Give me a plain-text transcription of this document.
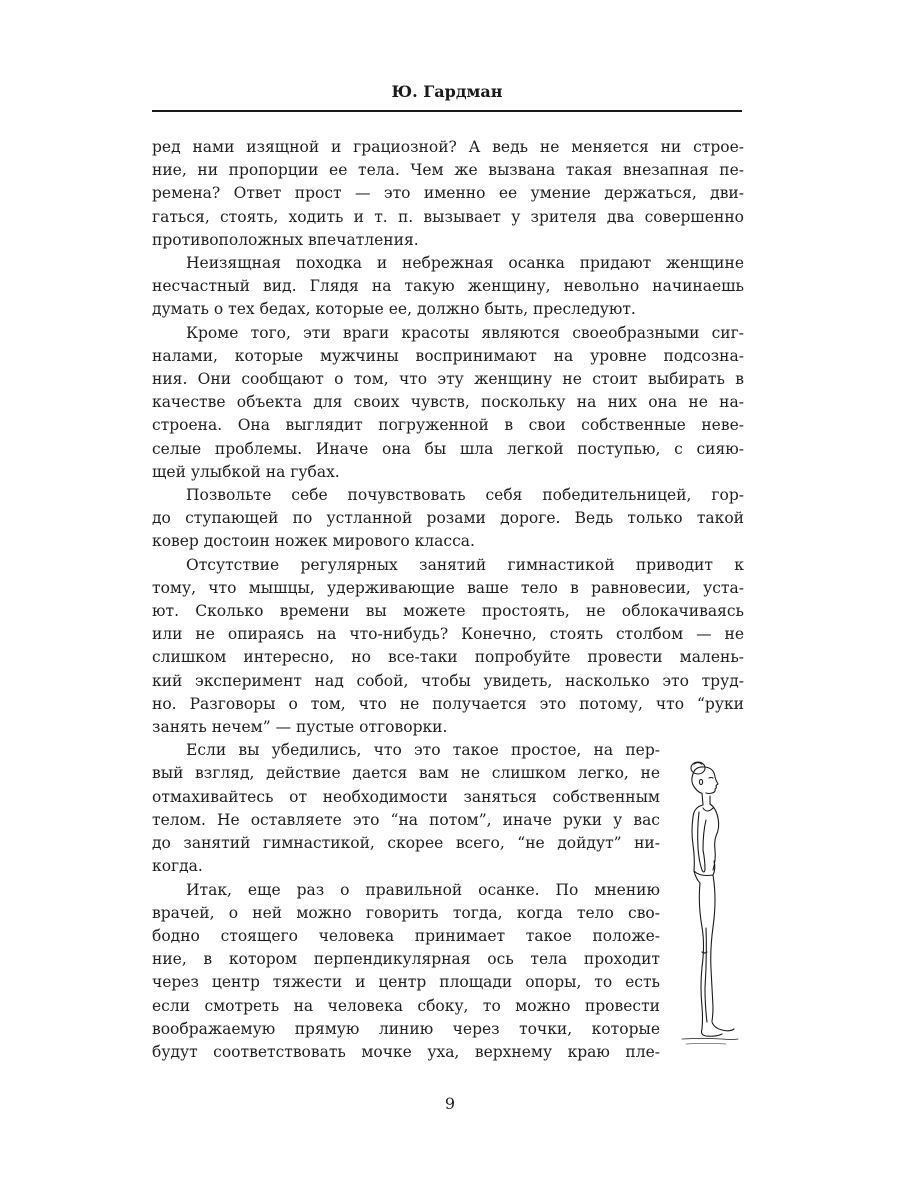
Ю. Гардман

ред нами изящной и грациозной? А ведь не меняется ни строе-
ние, ни пропорции ее тела. Чем же вызвана такая внезапная пе-
ремена? Ответ прост — это именно ее умение держаться, дви-
гаться, стоять, ходить и т. п. вызывает у зрителя два совершенно
противоположных впечатления.

Неизящная походка и небрежная осанка придают женщине
несчастный вид. Глядя на такую женщину, невольно начинаешь
думать о тех бедах, которые ее, должно быть, преследуют.

Кроме того, эти враги красоты являются своеобразными сиг-
налами, которые мужчины воспринимают на уровне подсозна-
ния. Они сообщают о том, что эту женщину не стоит выбирать в
качестве объекта для своих чувств, поскольку на них она не на-
строена. Она выглядит погруженной в свои собственные неве-
селые проблемы. Иначе она бы шла легкой поступью, с сияю-
щей улыбкой на губах.

Позвольте себе почувствовать себя победительницей, гор-
до ступающей по устланной розами дороге. Ведь только такой
ковер достоин ножек мирового класса.

Отсутствие регулярных занятий гимнастикой приводит к
тому, что мышцы, удерживающие ваше тело в равновесии, уста-
ют. Сколько времени вы можете простоять, не облокачиваясь
или не опираясь на что-нибудь? Конечно, стоять столбом — не
слишком интересно, но все-таки попробуйте провести малень-
кий эксперимент над собой, чтобы увидеть, насколько это труд-
но. Разговоры о том, что не получается это потому, что “руки
занять нечем” — пустые отговорки.

Если вы убедились, что это такое простое, на пер-
вый взгляд, действие дается вам не слишком легко, не
отмахивайтесь от необходимости заняться собственным
телом. Не оставляете это “на потом”, иначе руки у вас
до занятий гимнастикой, скорее всего, “не дойдут” ни-
когда.

Итак, еще раз о правильной осанке. По мнению
врачей, о ней можно говорить тогда, когда тело сво-
бодно стоящего человека принимает такое положе-
ние, в котором перпендикулярная ось тела проходит
через центр тяжести и центр площади опоры, то есть
если смотреть на человека сбоку, то можно провести
воображаемую прямую линию через точки, которые
будут соответствовать мочке уха, верхнему краю пле-

9
